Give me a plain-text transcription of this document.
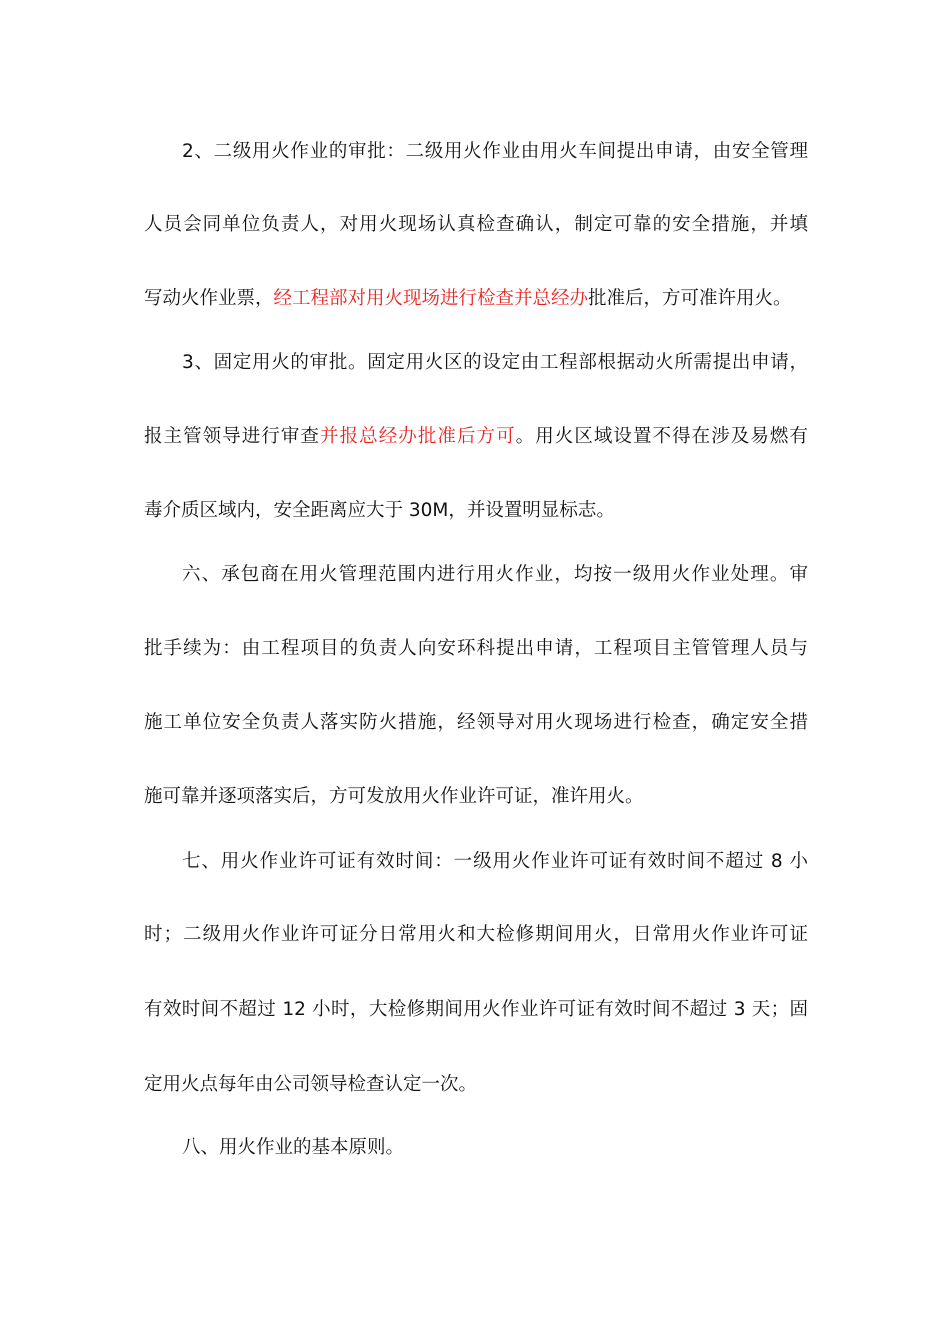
2、二级用火作业的审批：二级用火作业由用火车间提出申请，由安全管理
人员会同单位负责人，对用火现场认真检查确认，制定可靠的安全措施，并填
写动火作业票，经工程部对用火现场进行检查并总经办批准后，方可准许用火。
3、固定用火的审批。固定用火区的设定由工程部根据动火所需提出申请，
报主管领导进行审查并报总经办批准后方可。用火区域设置不得在涉及易燃有
毒介质区域内，安全距离应大于 30M，并设置明显标志。
六、承包商在用火管理范围内进行用火作业，均按一级用火作业处理。审
批手续为：由工程项目的负责人向安环科提出申请，工程项目主管管理人员与
施工单位安全负责人落实防火措施，经领导对用火现场进行检查，确定安全措
施可靠并逐项落实后，方可发放用火作业许可证，准许用火。
七、用火作业许可证有效时间：一级用火作业许可证有效时间不超过 8 小
时；二级用火作业许可证分日常用火和大检修期间用火，日常用火作业许可证
有效时间不超过 12 小时，大检修期间用火作业许可证有效时间不超过 3 天；固
定用火点每年由公司领导检查认定一次。
八、用火作业的基本原则。
